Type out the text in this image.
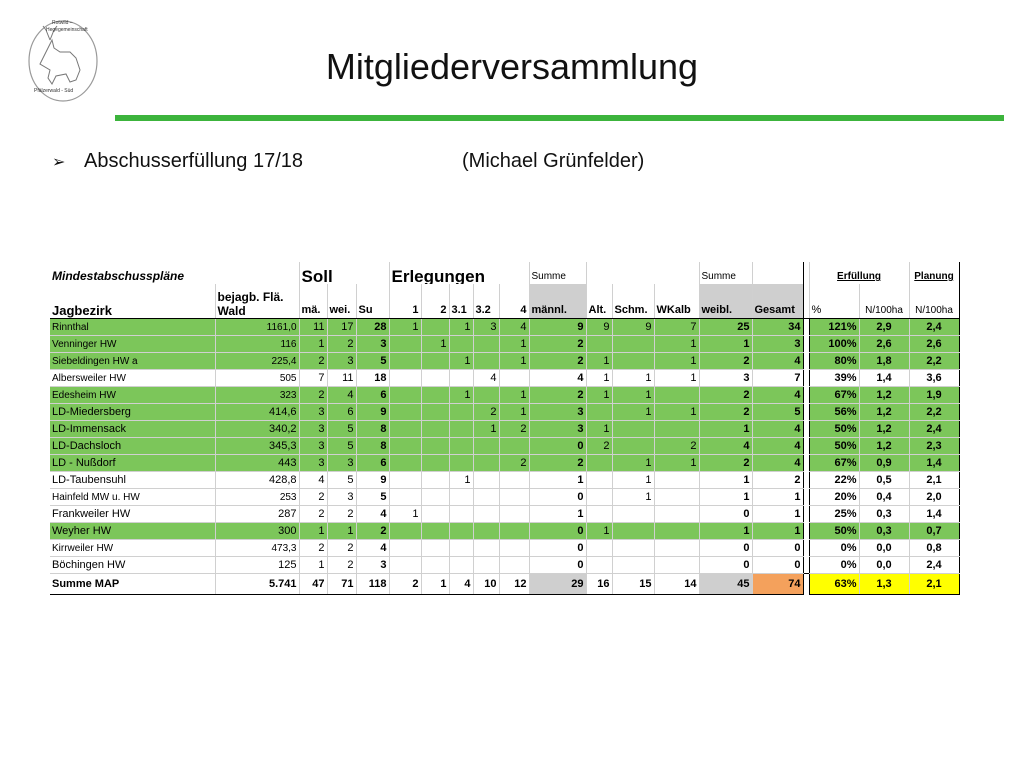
Rotwild –
Hegegemeinschaft
Pfälzerwald - Süd
Mitgliederversammlung
➢ Abschusserfüllung 17/18	(Michael Grünfelder)
Mindestabschusspläne		Soll			Erlegungen					Summe				Summe			Erfüllung		Planung
Jagbezirk	bejagb. Flä. Wald	mä.	wei.	Su	1	2	3.1	3.2	4	männl.	Alt.	Schm.	WKalb	weibl.	Gesamt		%	N/100ha	N/100ha
Rinnthal	1161,0	11	17	28	1		1	3	4	9	9	9	7	25	34		121%	2,9	2,4
Venninger HW	116	1	2	3		1			1	2			1	1	3		100%	2,6	2,6
Siebeldingen HW a	225,4	2	3	5			1		1	2	1		1	2	4		80%	1,8	2,2
Albersweiler HW	505	7	11	18				4		4	1	1	1	3	7		39%	1,4	3,6
Edesheim HW	323	2	4	6			1		1	2	1	1		2	4		67%	1,2	1,9
LD-Miedersberg	414,6	3	6	9				2	1	3		1	1	2	5		56%	1,2	2,2
LD-Immensack	340,2	3	5	8				1	2	3	1			1	4		50%	1,2	2,4
LD-Dachsloch	345,3	3	5	8						0	2		2	4	4		50%	1,2	2,3
LD - Nußdorf	443	3	3	6					2	2		1	1	2	4		67%	0,9	1,4
LD-Taubensuhl	428,8	4	5	9			1			1		1		1	2		22%	0,5	2,1
Hainfeld MW u. HW	253	2	3	5						0		1		1	1		20%	0,4	2,0
Frankweiler HW	287	2	2	4	1					1				0	1		25%	0,3	1,4
Weyher HW	300	1	1	2						0	1			1	1		50%	0,3	0,7
Kirrweiler HW	473,3	2	2	4						0				0	0		0%	0,0	0,8
Böchingen HW	125	1	2	3						0				0	0		0%	0,0	2,4
Summe MAP	5.741	47	71	118	2	1	4	10	12	29	16	15	14	45	74		63%	1,3	2,1
